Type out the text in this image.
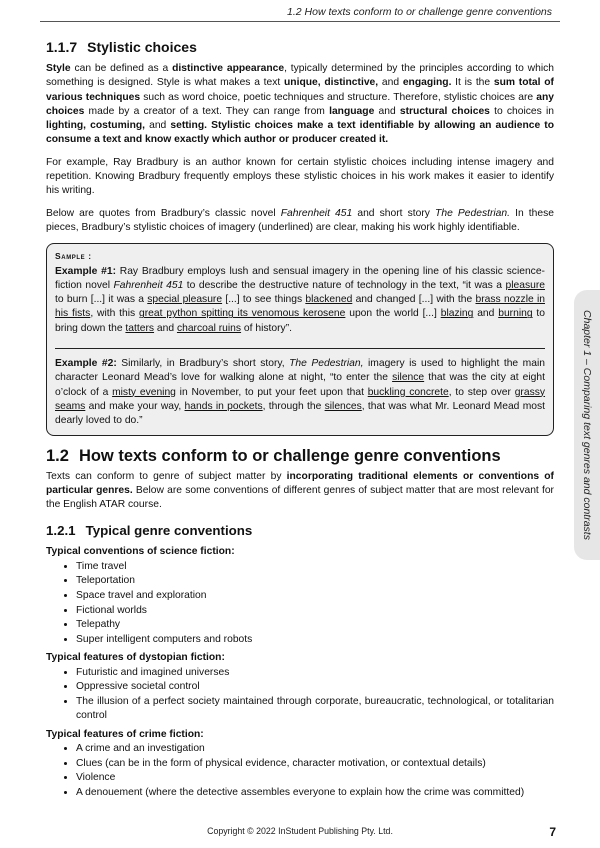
1.2 How texts conform to or challenge genre conventions
1.1.7 Stylistic choices

Style can be defined as a distinctive appearance, typically determined by the principles according to which something is designed. Style is what makes a text unique, distinctive, and engaging. It is the sum total of various techniques such as word choice, poetic techniques and structure. Therefore, stylistic choices are any choices made by a creator of a text. They can range from language and structural choices to choices in lighting, costuming, and setting. Stylistic choices make a text identifiable by allowing an audience to consume a text and know exactly which author or producer created it.

For example, Ray Bradbury is an author known for certain stylistic choices including intense imagery and repetition. Knowing Bradbury frequently employs these stylistic choices in his work makes it easier to identify his writing.

Below are quotes from Bradbury’s classic novel Fahrenheit 451 and short story The Pedestrian. In these pieces, Bradbury’s stylistic choices of imagery (underlined) are clear, making his work highly identifiable.

Sample :

Example #1: Ray Bradbury employs lush and sensual imagery in the opening line of his classic science-fiction novel Fahrenheit 451 to describe the destructive nature of technology in the text, “it was a pleasure to burn [...] it was a special pleasure [...] to see things blackened and changed [...] with the brass nozzle in his fists, with this great python spitting its venomous kerosene upon the world [...] blazing and burning to bring down the tatters and charcoal ruins of history”.

Example #2: Similarly, in Bradbury’s short story, The Pedestrian, imagery is used to highlight the main character Leonard Mead’s love for walking alone at night, “to enter the silence that was the city at eight o’clock of a misty evening in November, to put your feet upon that buckling concrete, to step over grassy seams and make your way, hands in pockets, through the silences, that was what Mr. Leonard Mead most dearly loved to do.”

1.2 How texts conform to or challenge genre conventions

Texts can conform to genre of subject matter by incorporating traditional elements or conventions of particular genres. Below are some conventions of different genres of subject matter that are most relevant for the English ATAR course.

1.2.1 Typical genre conventions
Typical conventions of science fiction:
• Time travel
• Teleportation
• Space travel and exploration
• Fictional worlds
• Telepathy
• Super intelligent computers and robots
Typical features of dystopian fiction:
• Futuristic and imagined universes
• Oppressive societal control
• The illusion of a perfect society maintained through corporate, bureaucratic, technological, or totalitarian control
Typical features of crime fiction:
• A crime and an investigation
• Clues (can be in the form of physical evidence, character motivation, or contextual details)
• Violence
• A denouement (where the detective assembles everyone to explain how the crime was committed)
Chapter 1 – Comparing text genres and contrasts
Copyright © 2022 InStudent Publishing Pty. Ltd.	7
